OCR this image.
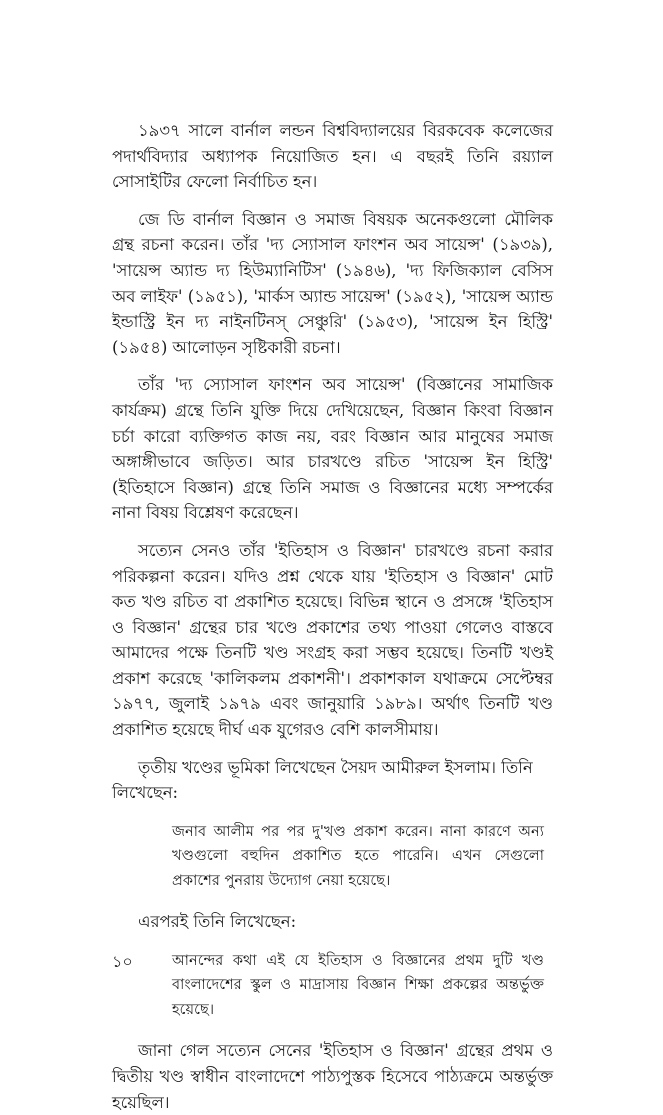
১৯৩৭ সালে বার্নাল লন্ডন বিশ্ববিদ্যালয়ের বিরকবেক কলেজের পদার্থবিদ্যার অধ্যাপক নিয়োজিত হন। এ বছরই তিনি রয়্যাল সোসাইটির ফেলো নির্বাচিত হন।

জে ডি বার্নাল বিজ্ঞান ও সমাজ বিষয়ক অনেকগুলো মৌলিক গ্রন্থ রচনা করেন। তাঁর 'দ্য স্যোসাল ফাংশন অব সায়েন্স' (১৯৩৯), 'সায়েন্স অ্যান্ড দ্য হিউম্যানিটিস' (১৯৪৬), 'দ্য ফিজিক্যাল বেসিস অব লাইফ' (১৯৫১), 'মার্কস অ্যান্ড সায়েন্স' (১৯৫২), 'সায়েন্স অ্যান্ড ইন্ডাস্ট্রি ইন দ্য নাইনটিনস্ সেঞ্চুরি' (১৯৫৩), 'সায়েন্স ইন হিস্ট্রি' (১৯৫৪) আলোড়ন সৃষ্টিকারী রচনা।

তাঁর 'দ্য স্যোসাল ফাংশন অব সায়েন্স' (বিজ্ঞানের সামাজিক কার্যক্রম) গ্রন্থে তিনি যুক্তি দিয়ে দেখিয়েছেন, বিজ্ঞান কিংবা বিজ্ঞান চর্চা কারো ব্যক্তিগত কাজ নয়, বরং বিজ্ঞান আর মানুষের সমাজ অঙ্গাঙ্গীভাবে জড়িত। আর চারখণ্ডে রচিত 'সায়েন্স ইন হিস্ট্রি' (ইতিহাসে বিজ্ঞান) গ্রন্থে তিনি সমাজ ও বিজ্ঞানের মধ্যে সম্পর্কের নানা বিষয় বিশ্লেষণ করেছেন।

সত্যেন সেনও তাঁর 'ইতিহাস ও বিজ্ঞান' চারখণ্ডে রচনা করার পরিকল্পনা করেন। যদিও প্রশ্ন থেকে যায় 'ইতিহাস ও বিজ্ঞান' মোট কত খণ্ড রচিত বা প্রকাশিত হয়েছে। বিভিন্ন স্থানে ও প্রসঙ্গে 'ইতিহাস ও বিজ্ঞান' গ্রন্থের চার খণ্ডে প্রকাশের তথ্য পাওয়া গেলেও বাস্তবে আমাদের পক্ষে তিনটি খণ্ড সংগ্রহ করা সম্ভব হয়েছে। তিনটি খণ্ডই প্রকাশ করেছে 'কালিকলম প্রকাশনী'। প্রকাশকাল যথাক্রমে সেপ্টেম্বর ১৯৭৭, জুলাই ১৯৭৯ এবং জানুয়ারি ১৯৮৯। অর্থাৎ তিনটি খণ্ড প্রকাশিত হয়েছে দীর্ঘ এক যুগেরও বেশি কালসীমায়।

তৃতীয় খণ্ডের ভূমিকা লিখেছেন সৈয়দ আমীরুল ইসলাম। তিনি লিখেছেন:

জনাব আলীম পর পর দু'খণ্ড প্রকাশ করেন। নানা কারণে অন্য খণ্ডগুলো বহুদিন প্রকাশিত হতে পারেনি। এখন সেগুলো প্রকাশের পুনরায় উদ্যোগ নেয়া হয়েছে।

এরপরই তিনি লিখেছেন:

আনন্দের কথা এই যে ইতিহাস ও বিজ্ঞানের প্রথম দুটি খণ্ড বাংলাদেশের স্কুল ও মাদ্রাসায় বিজ্ঞান শিক্ষা প্রকল্পের অন্তর্ভুক্ত হয়েছে।

জানা গেল সত্যেন সেনের 'ইতিহাস ও বিজ্ঞান' গ্রন্থের প্রথম ও দ্বিতীয় খণ্ড স্বাধীন বাংলাদেশে পাঠ্যপুস্তক হিসেবে পাঠ্যক্রমে অন্তর্ভুক্ত হয়েছিল।

১০
